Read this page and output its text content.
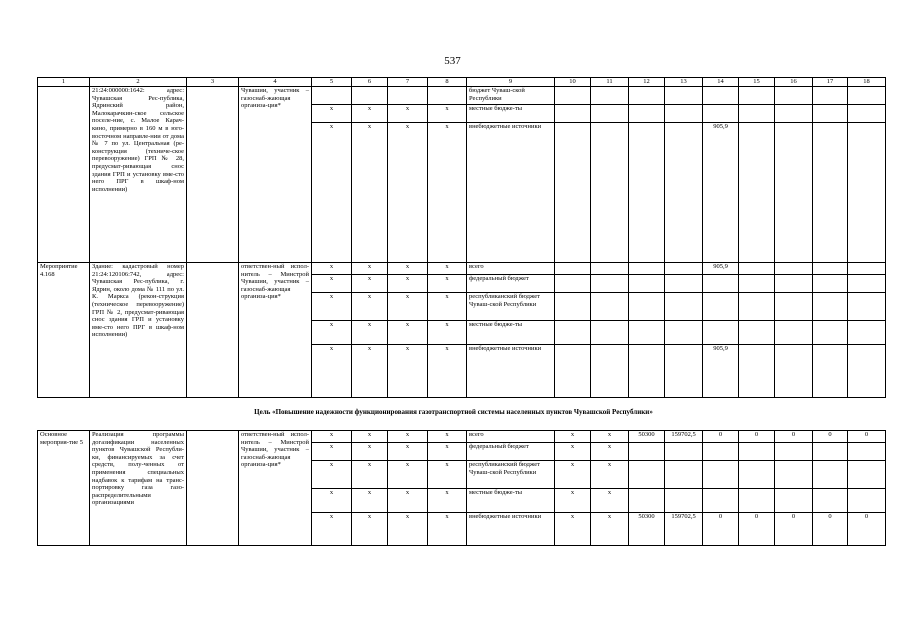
537
1	2	3	4	5	6	7	8	9	10	11	12	13	14	15	16	17	18
	21:24:000000:1642: адрес: Чувашская Рес-публика, Ядринский район, Малокарачкин-ское сельское поселе-ние, с. Малое Карач-кино, примерно в 160 м в юго-восточном направле-нии от дома № 7 по ул. Центральная (ре-конструкция (техниче-ское перевооружение) ГРП № 28, предусмат-ривающая снос здания ГРП и установку вме-сто него ПРГ в шкаф-ном исполнении)		Чувашии, участник – газоснаб-жающая организа-ция*					бюджет Чуваш-ской Республики									
				x	x	x	x	местные бюдже-ты									
				x	x	x	x	внебюджетные источники					905,9				
Мероприятие 4.168	Здание: кадастровый номер 21:24:120106:742, адрес: Чувашская Рес-публика, г. Ядрин, около дома № 111 по ул. К. Маркса (рекон-струкция (техническое перевооружение) ГРП № 2, предусмат-ривающая снос здания ГРП и установку вме-сто него ПРГ в шкаф-ном исполнении)		ответствен-ный испол-нитель – Минстрой Чувашии, участник – газоснаб-жающая организа-ция*	x	x	x	x	всего					905,9				
				x	x	x	x	федеральный бюджет									
				x	x	x	x	республиканский бюджет Чуваш-ской Республики									
				x	x	x	x	местные бюдже-ты									
				x	x	x	x	внебюджетные источники					905,9				
Цель «Повышение надежности функционирования газотранспортной системы населенных пунктов Чувашской Республики»
Основное мероприя-тие 5	Реализация программы догазификации населенных пунктов Чувашской Республи-ки, финансируемых за счет средств, полу-ченных от применения специальных надбавок к тарифам на транс-портировку газа газо-распределительными организациями		ответствен-ный испол-нитель – Минстрой Чувашии, участник – газоснаб-жающая организа-ция*	x	x	x	x	всего	x	x	50300	159702,5	0	0	0	0	0
				x	x	x	x	федеральный бюджет	x	x							
				x	x	x	x	республиканский бюджет Чуваш-ской Республики	x	x							
				x	x	x	x	местные бюдже-ты	x	x							
				x	x	x	x	внебюджетные источники	x	x	50300	159702,5	0	0	0	0	0
